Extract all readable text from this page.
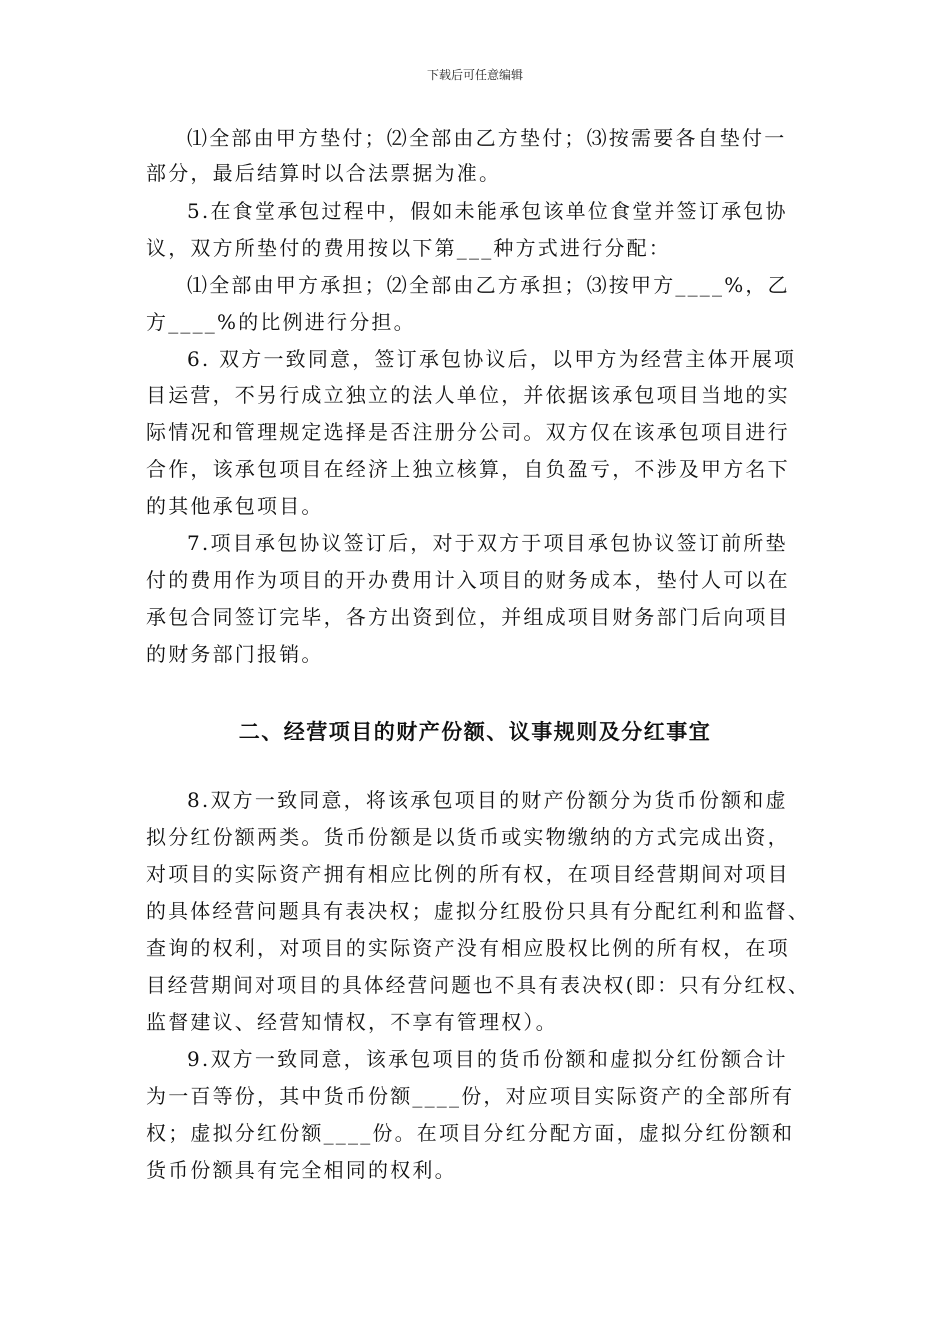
下载后可任意编辑
⑴全部由甲方垫付；⑵全部由乙方垫付；⑶按需要各自垫付一
部分，最后结算时以合法票据为准。
5.在食堂承包过程中，假如未能承包该单位食堂并签订承包协
议，双方所垫付的费用按以下第___种方式进行分配：
⑴全部由甲方承担；⑵全部由乙方承担；⑶按甲方____%，乙
方____%的比例进行分担。
6. 双方一致同意，签订承包协议后，以甲方为经营主体开展项
目运营，不另行成立独立的法人单位，并依据该承包项目当地的实
际情况和管理规定选择是否注册分公司。双方仅在该承包项目进行
合作，该承包项目在经济上独立核算，自负盈亏，不涉及甲方名下
的其他承包项目。
7.项目承包协议签订后，对于双方于项目承包协议签订前所垫
付的费用作为项目的开办费用计入项目的财务成本，垫付人可以在
承包合同签订完毕，各方出资到位，并组成项目财务部门后向项目
的财务部门报销。
二、经营项目的财产份额、议事规则及分红事宜
8.双方一致同意，将该承包项目的财产份额分为货币份额和虚
拟分红份额两类。货币份额是以货币或实物缴纳的方式完成出资，
对项目的实际资产拥有相应比例的所有权，在项目经营期间对项目
的具体经营问题具有表决权；虚拟分红股份只具有分配红利和监督、
查询的权利，对项目的实际资产没有相应股权比例的所有权，在项
目经营期间对项目的具体经营问题也不具有表决权(即：只有分红权、
监督建议、经营知情权，不享有管理权）。
9.双方一致同意，该承包项目的货币份额和虚拟分红份额合计
为一百等份，其中货币份额____份，对应项目实际资产的全部所有
权；虚拟分红份额____份。在项目分红分配方面，虚拟分红份额和
货币份额具有完全相同的权利。
